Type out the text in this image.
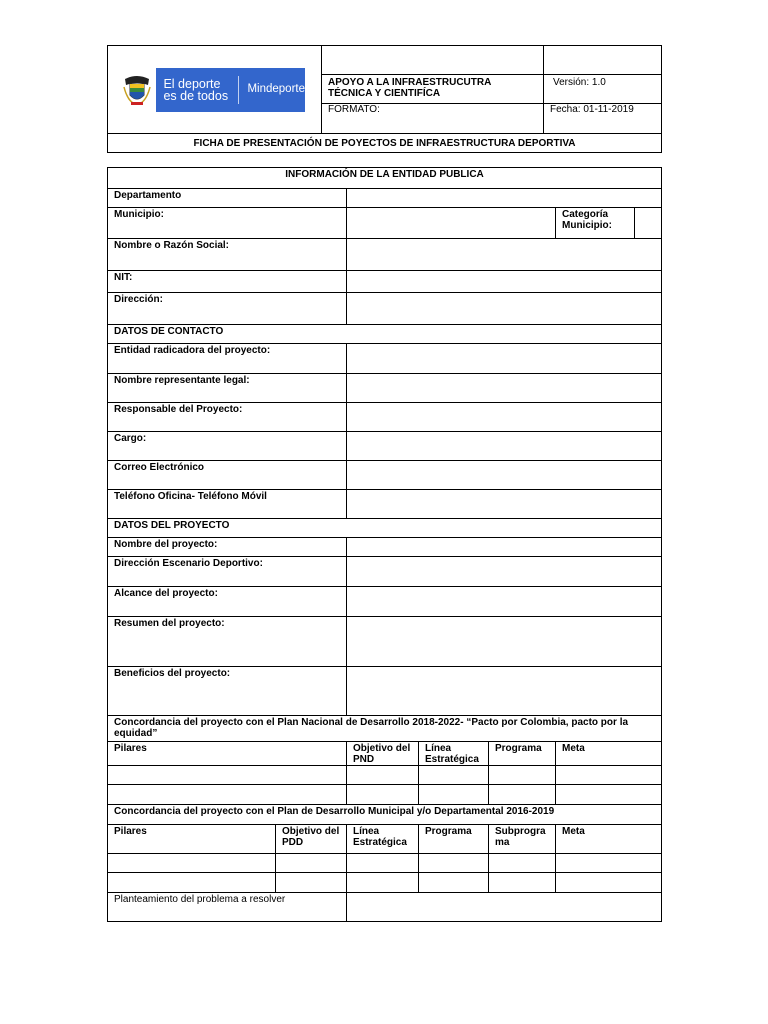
El deporte
es de todos Mindeporte		

	APOYO A LA INFRAESTRUCUTRA TÉCNICA Y CIENTIFÍCA	Versión: 1.0
	FORMATO:	Fecha: 01-11-2019
FICHA DE PRESENTACIÓN DE POYECTOS DE INFRAESTRUCTURA DEPORTIVA		
INFORMACIÓN DE LA ENTIDAD PUBLICA						
Departamento						
Municipio:					Categoría Municipio:	
Nombre o Razón Social:						
NIT:						
Dirección:						
DATOS DE CONTACTO						
Entidad radicadora del proyecto:						
Nombre representante legal:						
Responsable del Proyecto:						
Cargo:						
Correo Electrónico						
Teléfono Oficina- Teléfono Móvil						
DATOS DEL PROYECTO						
Nombre del proyecto:						
Dirección Escenario Deportivo:						
Alcance del proyecto:						
Resumen del proyecto:						
Beneficios del proyecto:						
Concordancia del proyecto con el Plan Nacional de Desarrollo 2018-2022- “Pacto por Colombia, pacto por la equidad”						
Pilares		Objetivo del PND	Línea Estratégica	Programa	Meta	

Concordancia del proyecto con el Plan de Desarrollo Municipal y/o Departamental 2016-2019						
Pilares	Objetivo del PDD	Línea Estratégica	Programa	Subprogra ma	Meta	

Planteamiento del problema a resolver						
